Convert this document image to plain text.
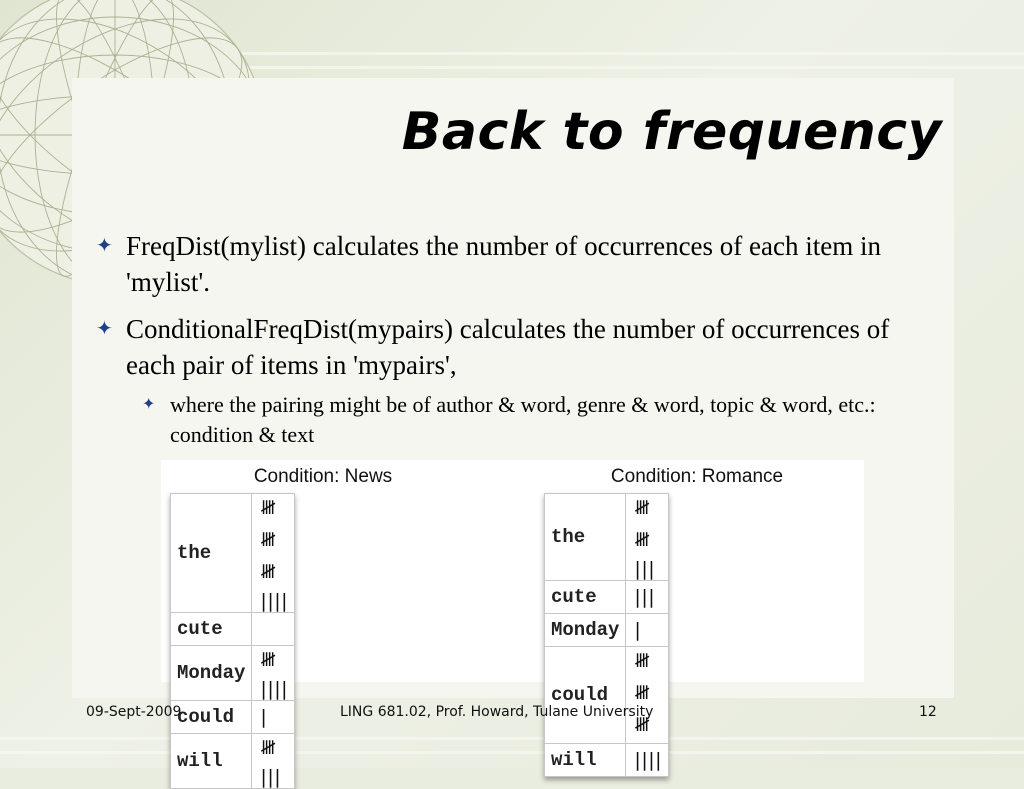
Back to frequency
✦ FreqDist(mylist) calculates the number of occurrences of each item in 'mylist'.
✦ ConditionalFreqDist(mypairs) calculates the number of occurrences of each pair of items in 'mypairs',
✦ where the pairing might be of author & word, genre & word, topic & word, etc.: condition & text
Condition: News
the	𝍸 𝍸 𝍸 ||||
cute	
Monday	𝍸 ||||
could	|
will	𝍸 |||
Condition: Romance
the	𝍸 𝍸 |||
cute	|||
Monday	|
could	𝍸 𝍸 𝍸
will	||||
09-Sept-2009	LING 681.02, Prof. Howard, Tulane University	12
